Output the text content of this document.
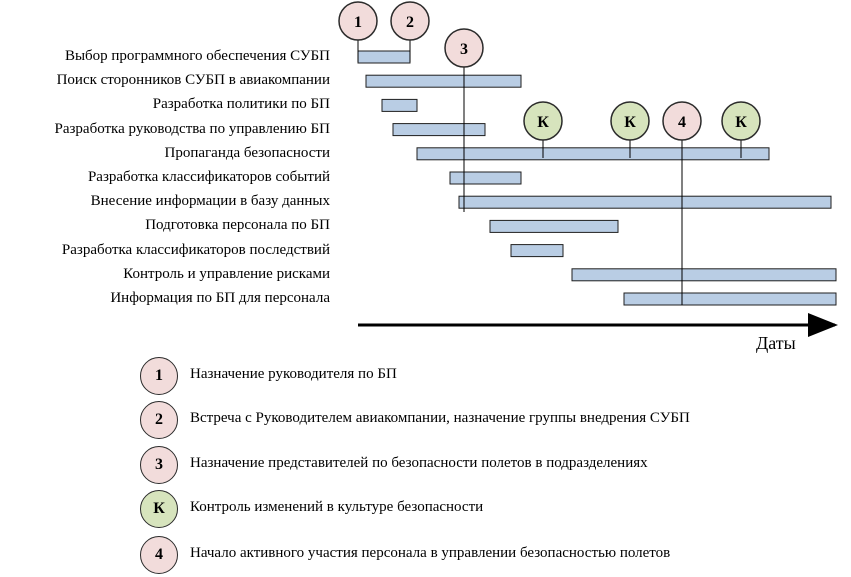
1	2
3
К	К	4	К
Выбор программного обеспечения СУБП
Поиск сторонников СУБП в авиакомпании
Разработка политики по БП
Разработка руководства по управлению БП
Пропаганда безопасности
Разработка классификаторов событий
Внесение информации в базу данных
Подготовка персонала по БП
Разработка классификаторов последствий
Контроль и управление рисками
Информация по БП для персонала
Даты
1	Назначение руководителя по БП
2	Встреча с Руководителем авиакомпании, назначение группы внедрения СУБП
3	Назначение представителей по безопасности полетов в подразделениях
К	Контроль изменений в культуре безопасности
4	Начало активного участия персонала в управлении безопасностью полетов
